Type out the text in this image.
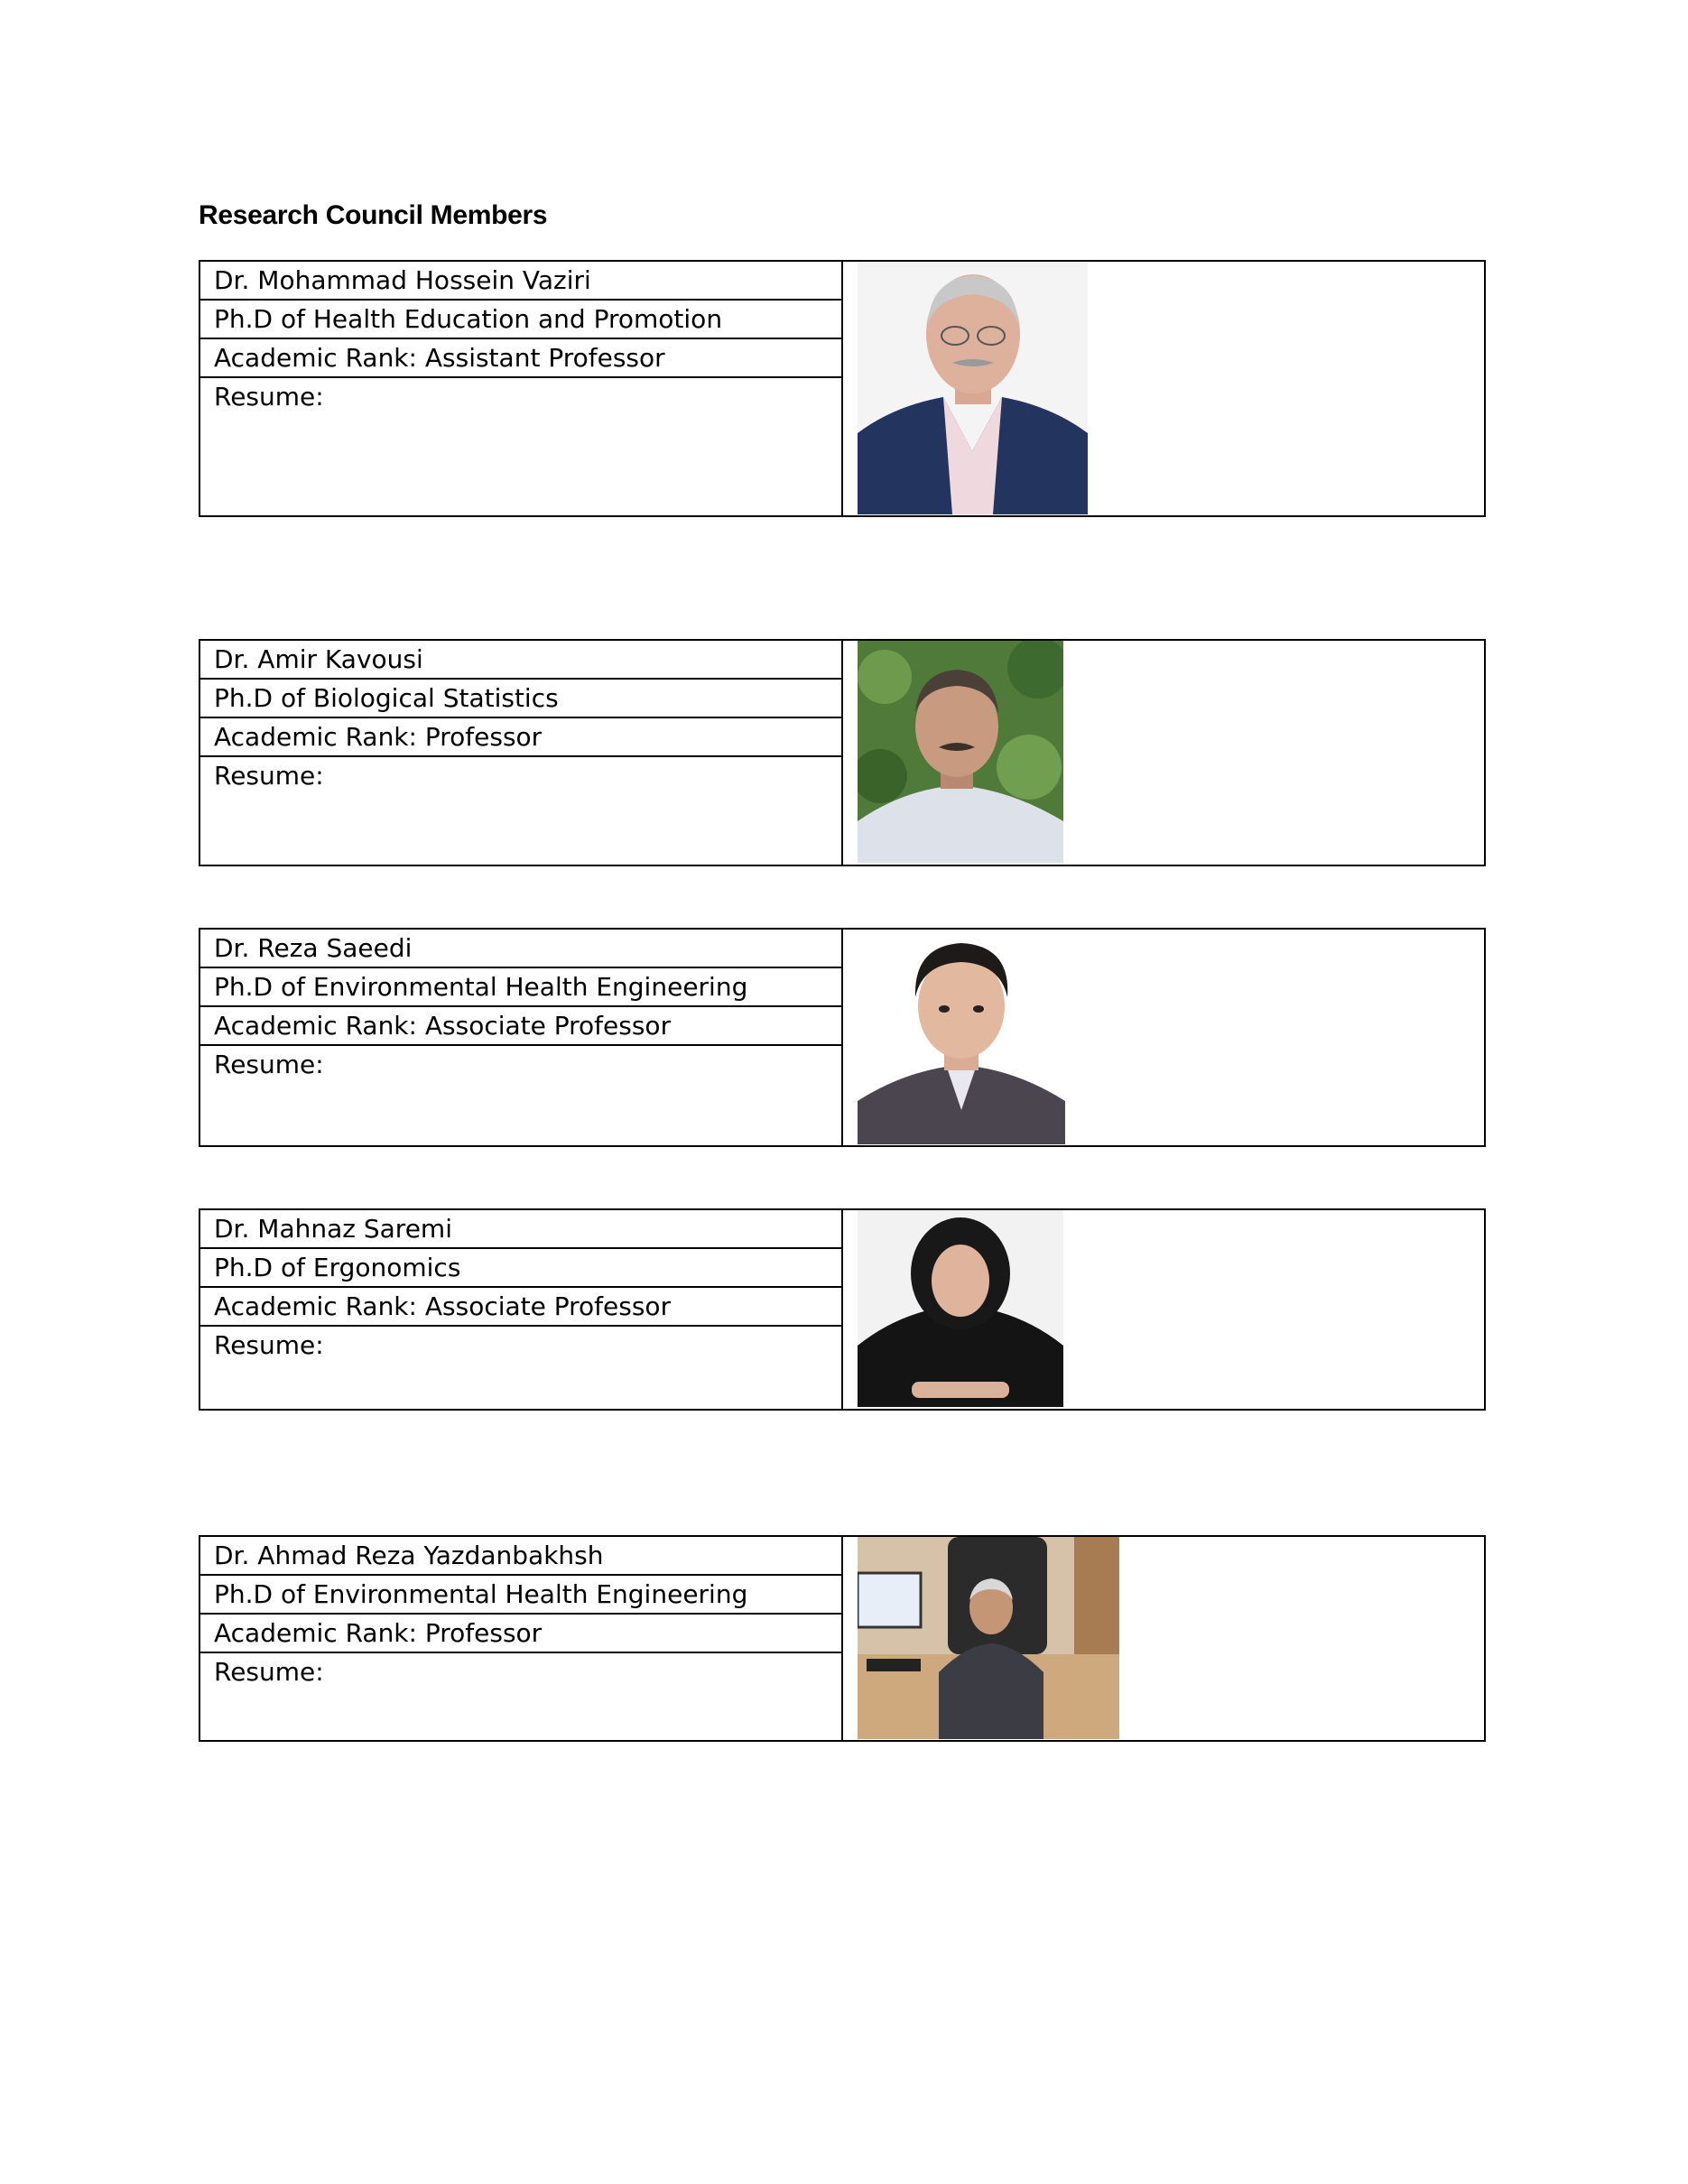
Research Council Members
Dr. Mohammad Hossein Vaziri
Ph.D of Health Education and Promotion
Academic Rank: Assistant Professor
Resume:
Dr. Amir Kavousi
Ph.D of Biological Statistics
Academic Rank: Professor
Resume:
Dr. Reza Saeedi
Ph.D of Environmental Health Engineering
Academic Rank: Associate Professor
Resume:
Dr. Mahnaz Saremi
Ph.D of Ergonomics
Academic Rank: Associate Professor
Resume:
Dr. Ahmad Reza Yazdanbakhsh
Ph.D of Environmental Health Engineering
Academic Rank: Professor
Resume:
